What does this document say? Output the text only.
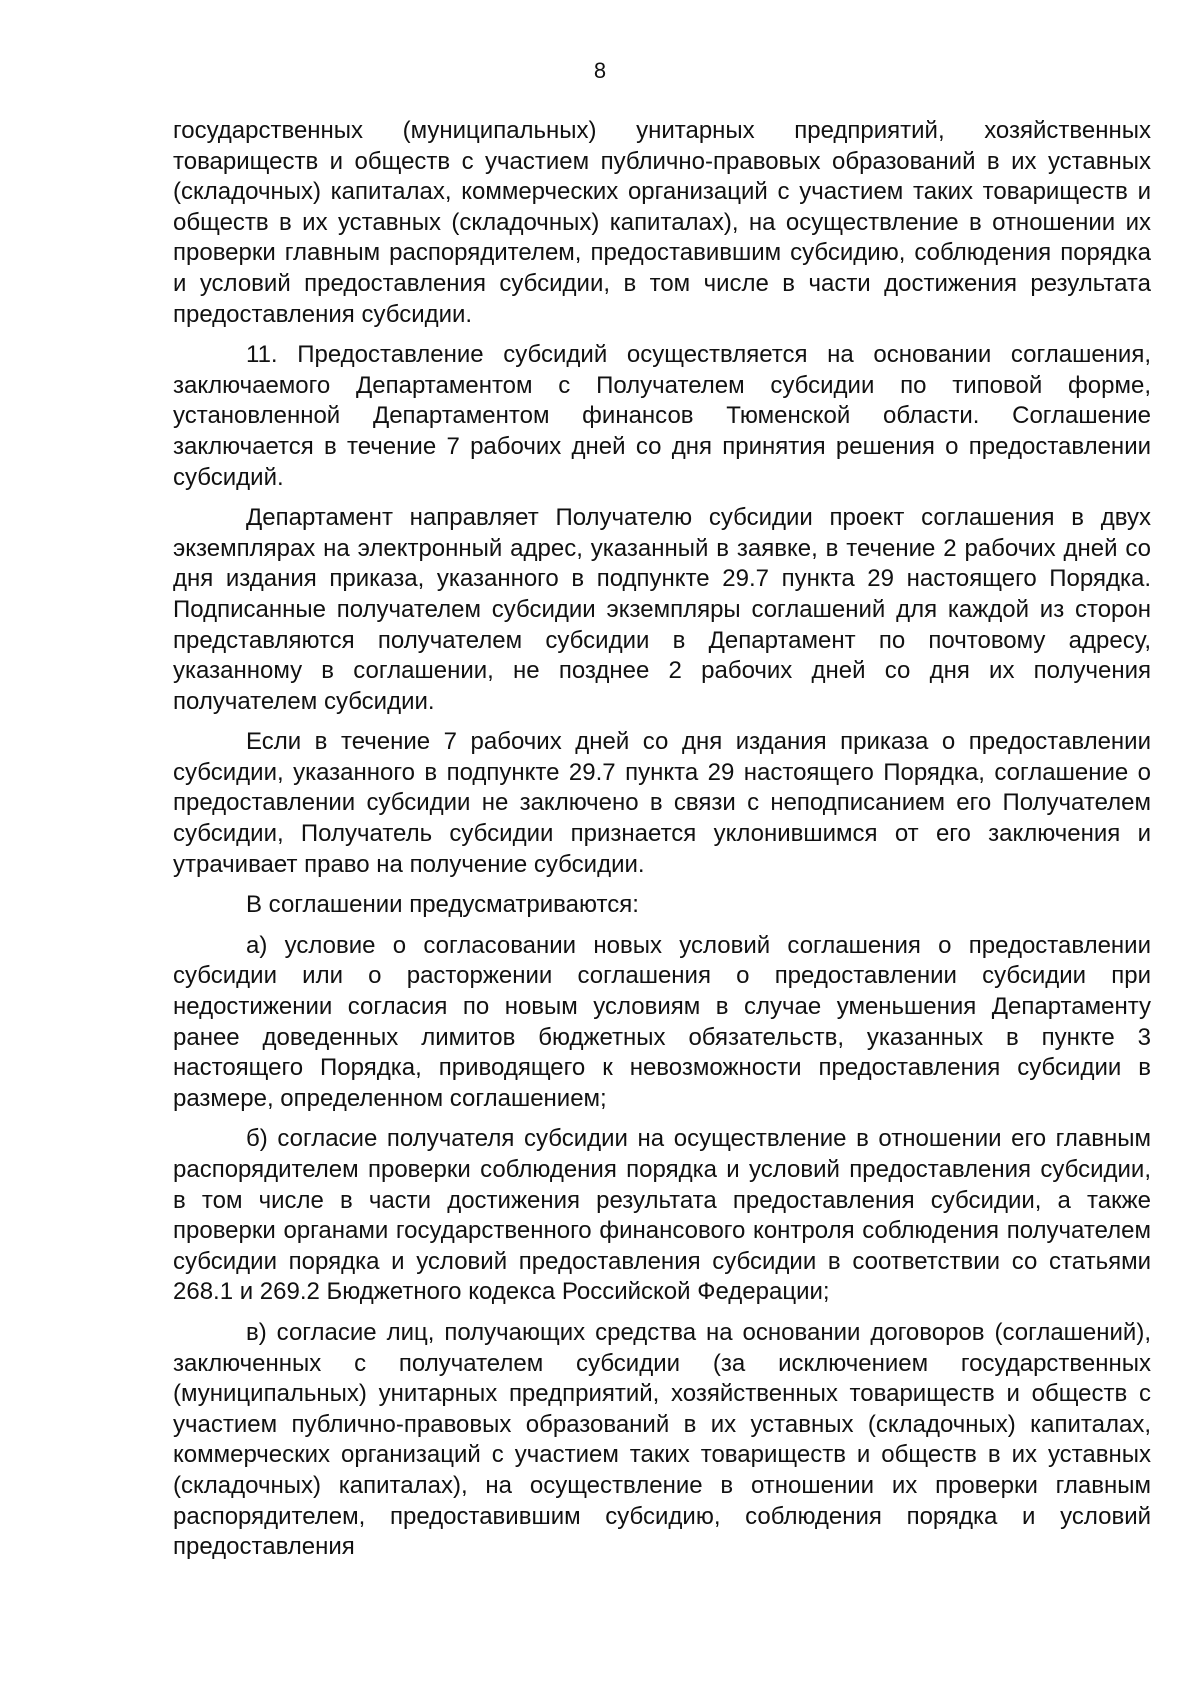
8

государственных (муниципальных) унитарных предприятий, хозяйственных товариществ и обществ с участием публично-правовых образований в их уставных (складочных) капиталах, коммерческих организаций с участием таких товариществ и обществ в их уставных (складочных) капиталах), на осуществление в отношении их проверки главным распорядителем, предоставившим субсидию, соблюдения порядка и условий предоставления субсидии, в том числе в части достижения результата предоставления субсидии.

11. Предоставление субсидий осуществляется на основании соглашения, заключаемого Департаментом с Получателем субсидии по типовой форме, установленной Департаментом финансов Тюменской области. Соглашение заключается в течение 7 рабочих дней со дня принятия решения о предоставлении субсидий.

Департамент направляет Получателю субсидии проект соглашения в двух экземплярах на электронный адрес, указанный в заявке, в течение 2 рабочих дней со дня издания приказа, указанного в подпункте 29.7 пункта 29 настоящего Порядка. Подписанные получателем субсидии экземпляры соглашений для каждой из сторон представляются получателем субсидии в Департамент по почтовому адресу, указанному в соглашении, не позднее 2 рабочих дней со дня их получения получателем субсидии.

Если в течение 7 рабочих дней со дня издания приказа о предоставлении субсидии, указанного в подпункте 29.7 пункта 29 настоящего Порядка, соглашение о предоставлении субсидии не заключено в связи с неподписанием его Получателем субсидии, Получатель субсидии признается уклонившимся от его заключения и утрачивает право на получение субсидии.

В соглашении предусматриваются:

а) условие о согласовании новых условий соглашения о предоставлении субсидии или о расторжении соглашения о предоставлении субсидии при недостижении согласия по новым условиям в случае уменьшения Департаменту ранее доведенных лимитов бюджетных обязательств, указанных в пункте 3 настоящего Порядка, приводящего к невозможности предоставления субсидии в размере, определенном соглашением;

б) согласие получателя субсидии на осуществление в отношении его главным распорядителем проверки соблюдения порядка и условий предоставления субсидии, в том числе в части достижения результата предоставления субсидии, а также проверки органами государственного финансового контроля соблюдения получателем субсидии порядка и условий предоставления субсидии в соответствии со статьями 268.1 и 269.2 Бюджетного кодекса Российской Федерации;

в) согласие лиц, получающих средства на основании договоров (соглашений), заключенных с получателем субсидии (за исключением государственных (муниципальных) унитарных предприятий, хозяйственных товариществ и обществ с участием публично-правовых образований в их уставных (складочных) капиталах, коммерческих организаций с участием таких товариществ и обществ в их уставных (складочных) капиталах), на осуществление в отношении их проверки главным распорядителем, предоставившим субсидию, соблюдения порядка и условий предоставления
